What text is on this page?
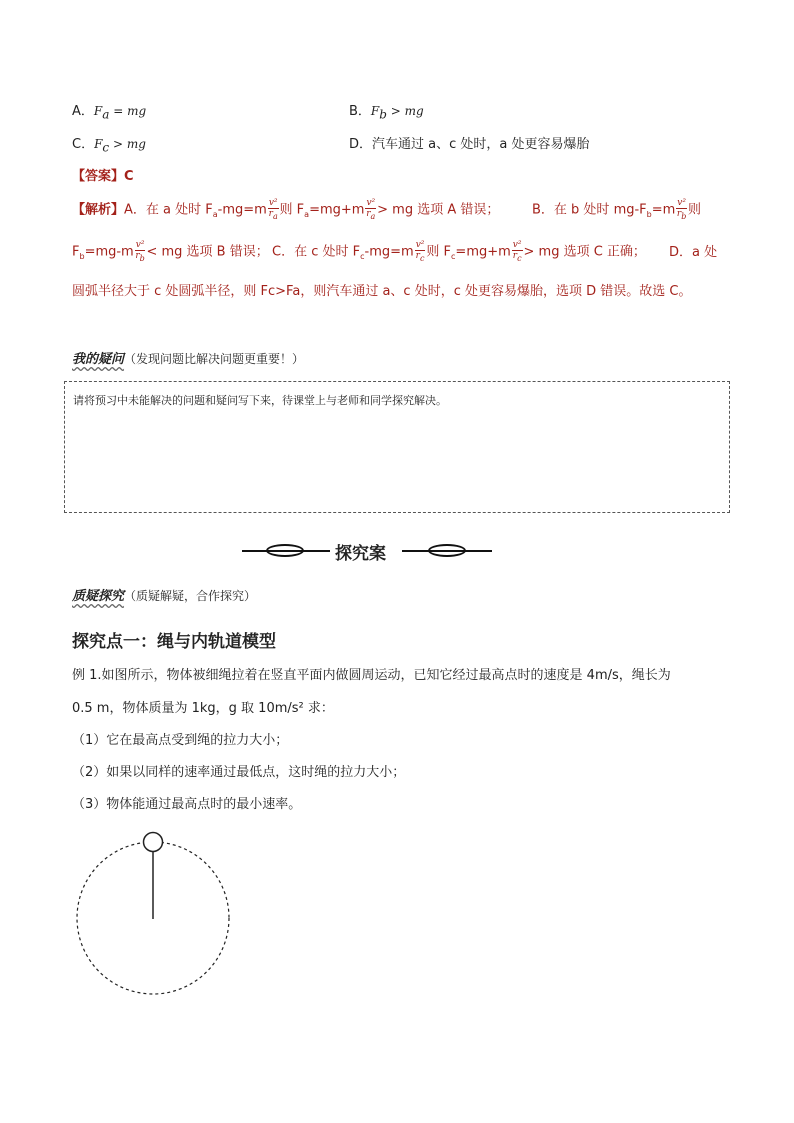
A．$F_a$ = mg	B．$F_b$ > mg
C．$F_c$ > mg	D．汽车通过 a、c 处时，a 处更容易爆胎
【答案】C
【解析】A．在 a 处时 $F_a-mg=m \frac{\text{v²}}{r_a}$ 则 $F_a=mg+m \frac{\text{v²}}{r_a}$ > mg 选项 A 错误；	B．在 b 处时 $mg-F_b=m \frac{\text{v²}}{r_b}$ 则
$F_b=mg-m \frac{\text{v²}}{r_b}$ < mg 选项 B 错误； C．在 c 处时 $F_c-mg=m \frac{\text{v²}}{r_c}$ 则 $F_c=mg+m \frac{\text{v²}}{r_c}$ > mg 选项 C 正确； D．a 处
圆弧半径大于 c 处圆弧半径，则 Fc>Fa，则汽车通过 a、c 处时，c 处更容易爆胎，选项 D 错误。故选 C。
我的疑问（发现问题比解决问题更重要！）
请将预习中未能解决的问题和疑问写下来，待课堂上与老师和同学探究解决。
探究案
质疑探究（质疑解疑，合作探究）
探究点一：绳与内轨道模型
例 1.如图所示，物体被细绳拉着在竖直平面内做圆周运动，已知它经过最高点时的速度是 4m/s，绳长为
0.5 m，物体质量为 1kg，g 取 10m/s² 求：
（1）它在最高点受到绳的拉力大小；
（2）如果以同样的速率通过最低点，这时绳的拉力大小；
（3）物体能通过最高点时的最小速率。
